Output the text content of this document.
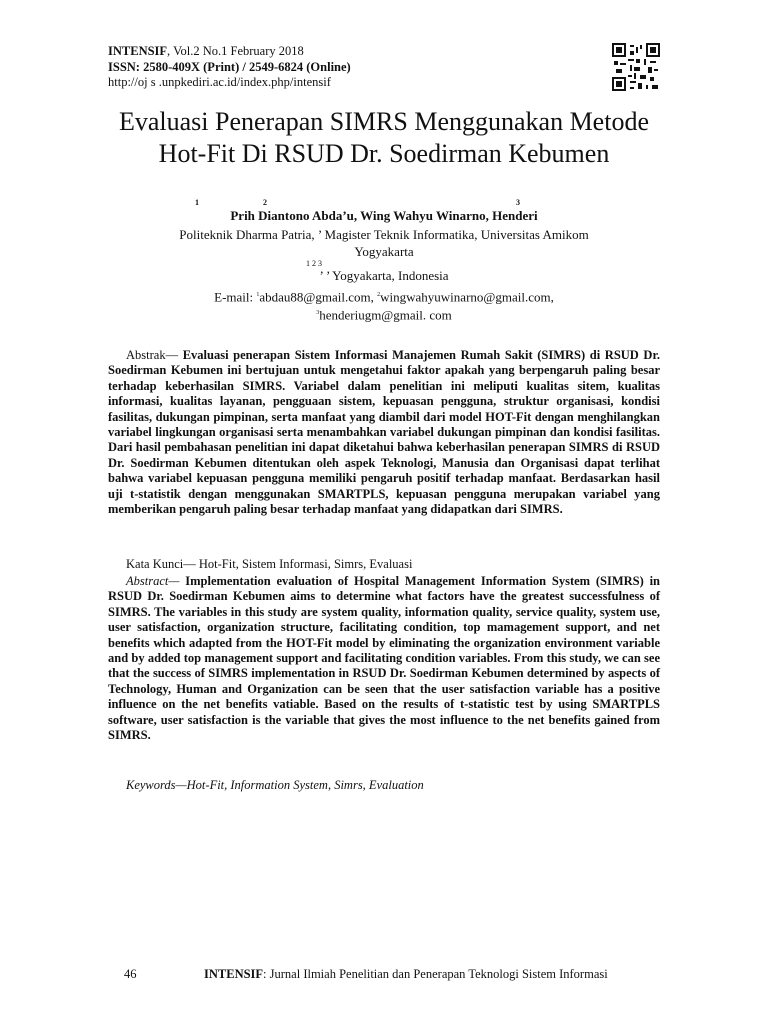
INTENSIF, Vol.2 No.1 February 2018
ISSN: 2580-409X (Print) / 2549-6824 (Online)
http://oj s .unpkediri.ac.id/index.php/intensif
Evaluasi Penerapan SIMRS Menggunakan Metode Hot-Fit Di RSUD Dr. Soedirman Kebumen
1	2	3
Prih Diantono Abda’u, Wing Wahyu Winarno, Henderi
Politeknik Dharma Patria, ’ Magister Teknik Informatika, Universitas Amikom
Yogyakarta
1 2 3
’ ’ Yogyakarta, Indonesia
E-mail: $^1$abdau88@gmail.com, $^2$wingwahyuwinarno@gmail.com,
$^3$henderiugm@gmail. com

Abstrak— Evaluasi penerapan Sistem Informasi Manajemen Rumah Sakit (SIMRS) di RSUD Dr. Soedirman Kebumen ini bertujuan untuk mengetahui faktor apakah yang berpengaruh paling besar terhadap keberhasilan SIMRS. Variabel dalam penelitian ini meliputi kualitas sitem, kualitas informasi, kualitas layanan, pengguaan sistem, kepuasan pengguna, struktur organisasi, kondisi fasilitas, dukungan pimpinan, serta manfaat yang diambil dari model HOT-Fit dengan menghilangkan variabel lingkungan organisasi serta menambahkan variabel dukungan pimpinan dan kondisi fasilitas. Dari hasil pembahasan penelitian ini dapat diketahui bahwa keberhasilan penerapan SIMRS di RSUD Dr. Soedirman Kebumen ditentukan oleh aspek Teknologi, Manusia dan Organisasi dapat terlihat bahwa variabel kepuasan pengguna memiliki pengaruh positif terhadap manfaat. Berdasarkan hasil uji t-statistik dengan menggunakan SMARTPLS, kepuasan pengguna merupakan variabel yang memberikan pengaruh paling besar terhadap manfaat yang didapatkan dari SIMRS.

Kata Kunci— Hot-Fit, Sistem Informasi, Simrs, Evaluasi

Abstract— Implementation evaluation of Hospital Management Information System (SIMRS) in RSUD Dr. Soedirman Kebumen aims to determine what factors have the greatest successfulness of SIMRS. The variables in this study are system quality, information quality, service quality, system use, user satisfaction, organization structure, facilitating condition, top mamagement support, and net benefits which adapted from the HOT-Fit model by eliminating the organization environment variable and by added top management support and facilitating condition variables. From this study, we can see that the success of SIMRS implementation in RSUD Dr. Soedirman Kebumen determined by aspects of Technology, Human and Organization can be seen that the user satisfaction variable has a positive influence on the net benefits vatiable. Based on the results of t-statistic test by using SMARTPLS software, user satisfaction is the variable that gives the most influence to the net benefits gained from SIMRS.

Keywords—Hot-Fit, Information System, Simrs, Evaluation
46	INTENSIF: Jurnal Ilmiah Penelitian dan Penerapan Teknologi Sistem Informasi
